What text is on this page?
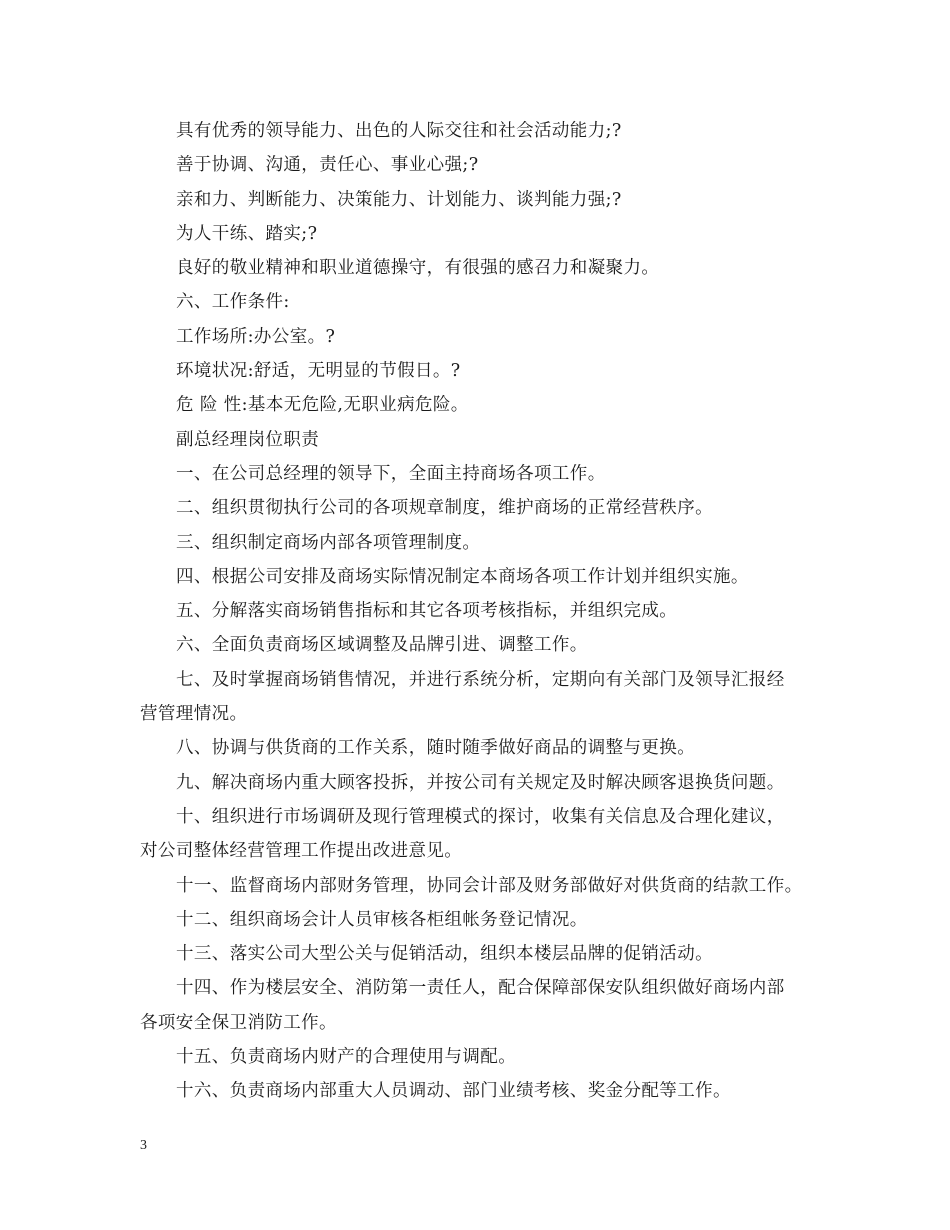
具有优秀的领导能力、出色的人际交往和社会活动能力;?
善于协调、沟通，责任心、事业心强;?
亲和力、判断能力、决策能力、计划能力、谈判能力强;?
为人干练、踏实;?
良好的敬业精神和职业道德操守，有很强的感召力和凝聚力。
六、工作条件:
工作场所:办公室。?
环境状况:舒适，无明显的节假日。?
危 险 性:基本无危险,无职业病危险。
副总经理岗位职责
一、在公司总经理的领导下，全面主持商场各项工作。
二、组织贯彻执行公司的各项规章制度，维护商场的正常经营秩序。
三、组织制定商场内部各项管理制度。
四、根据公司安排及商场实际情况制定本商场各项工作计划并组织实施。
五、分解落实商场销售指标和其它各项考核指标，并组织完成。
六、全面负责商场区域调整及品牌引进、调整工作。
七、及时掌握商场销售情况，并进行系统分析，定期向有关部门及领导汇报经
营管理情况。
八、协调与供货商的工作关系，随时随季做好商品的调整与更换。
九、解决商场内重大顾客投拆，并按公司有关规定及时解决顾客退换货问题。
十、组织进行市场调研及现行管理模式的探讨，收集有关信息及合理化建议，
对公司整体经营管理工作提出改进意见。
十一、监督商场内部财务管理，协同会计部及财务部做好对供货商的结款工作。
十二、组织商场会计人员审核各柜组帐务登记情况。
十三、落实公司大型公关与促销活动，组织本楼层品牌的促销活动。
十四、作为楼层安全、消防第一责任人，配合保障部保安队组织做好商场内部
各项安全保卫消防工作。
十五、负责商场内财产的合理使用与调配。
十六、负责商场内部重大人员调动、部门业绩考核、奖金分配等工作。
3
